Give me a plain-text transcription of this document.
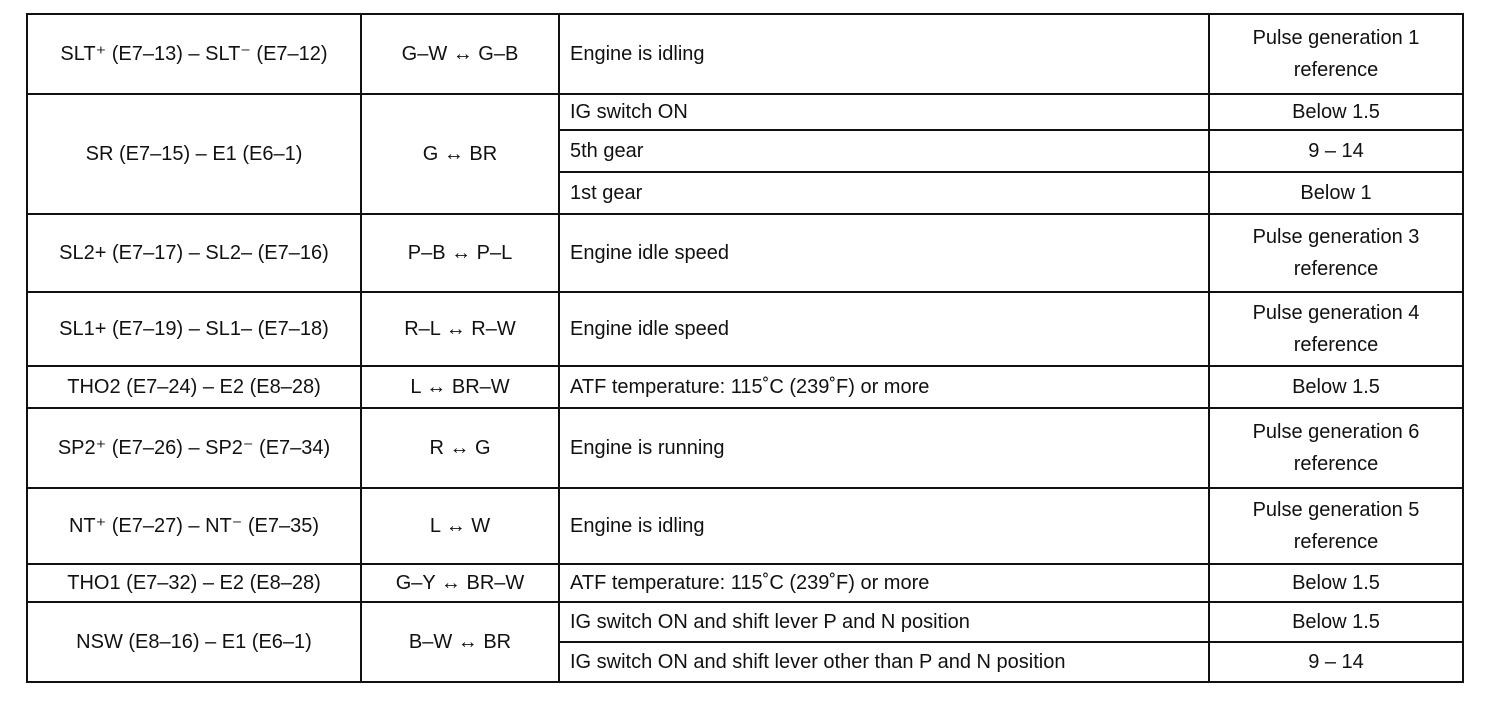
SLT⁺ (E7–13) – SLT⁻ (E7–12)	G–W ↔ G–B	Engine is idling	Pulse generation 1
reference
SR (E7–15) – E1 (E6–1)	G ↔ BR	IG switch ON	Below 1.5
		5th gear	9 – 14
		1st gear	Below 1
SL2+ (E7–17) – SL2– (E7–16)	P–B ↔ P–L	Engine idle speed	Pulse generation 3
reference
SL1+ (E7–19) – SL1– (E7–18)	R–L ↔ R–W	Engine idle speed	Pulse generation 4
reference
THO2 (E7–24) – E2 (E8–28)	L ↔ BR–W	ATF temperature: 115˚C (239˚F) or more	Below 1.5
SP2⁺ (E7–26) – SP2⁻ (E7–34)	R ↔ G	Engine is running	Pulse generation 6
reference
NT⁺ (E7–27) – NT⁻ (E7–35)	L ↔ W	Engine is idling	Pulse generation 5
reference
THO1 (E7–32) – E2 (E8–28)	G–Y ↔ BR–W	ATF temperature: 115˚C (239˚F) or more	Below 1.5
NSW (E8–16) – E1 (E6–1)	B–W ↔ BR	IG switch ON and shift lever P and N position	Below 1.5
		IG switch ON and shift lever other than P and N position	9 – 14
